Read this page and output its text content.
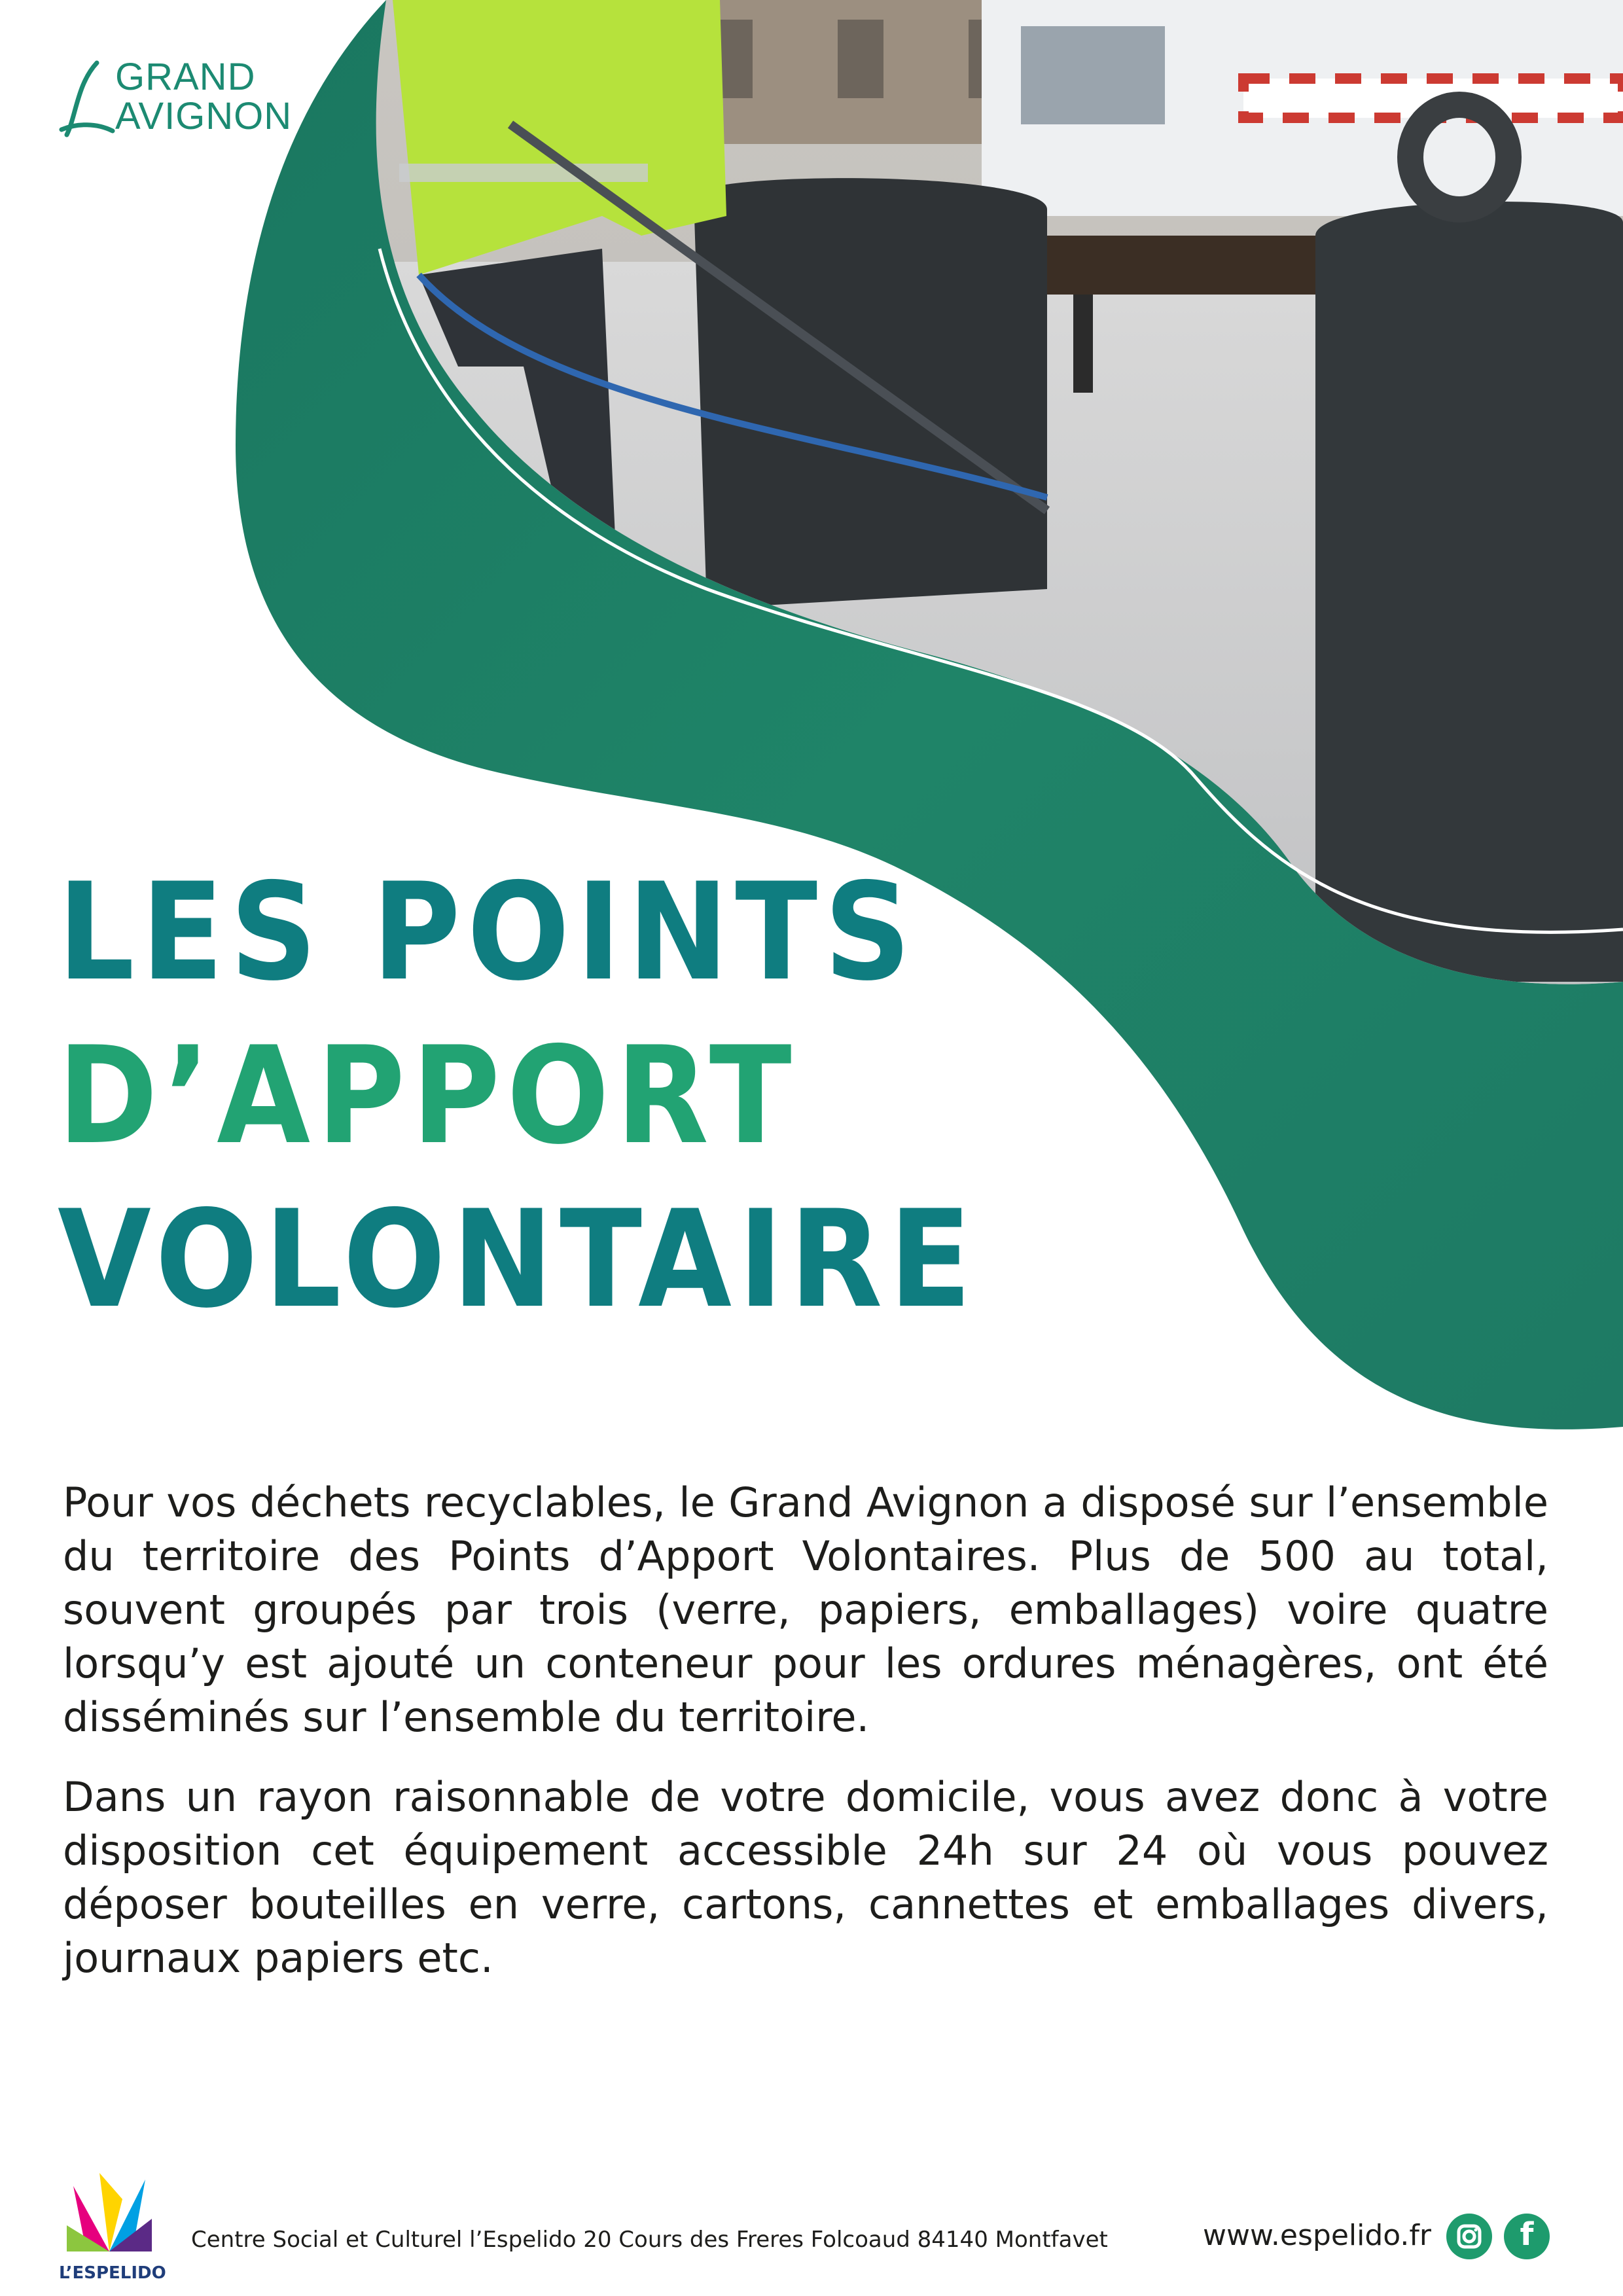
GRAND
AVIGNON
LES POINTS
D’APPORT
VOLONTAIRE

Pour vos déchets recyclables, le Grand Avignon a disposé sur l’ensemble du territoire des Points d’Apport Volontaires. Plus de 500 au total, souvent groupés par trois (verre, papiers, emballages) voire quatre lorsqu’y est ajouté un conteneur pour les ordures ménagères, ont été disséminés sur l’ensemble du territoire.

Dans un rayon raisonnable de votre domicile, vous avez donc à votre disposition cet équipement accessible 24h sur 24 où vous pouvez déposer bouteilles en verre, cartons, cannettes et emballages divers, journaux papiers etc.

L’ESPELIDO
Centre Social et Culturel l’Espelido 20 Cours des Freres Folcoaud 84140 Montfavet	www.espelido.fr	f
